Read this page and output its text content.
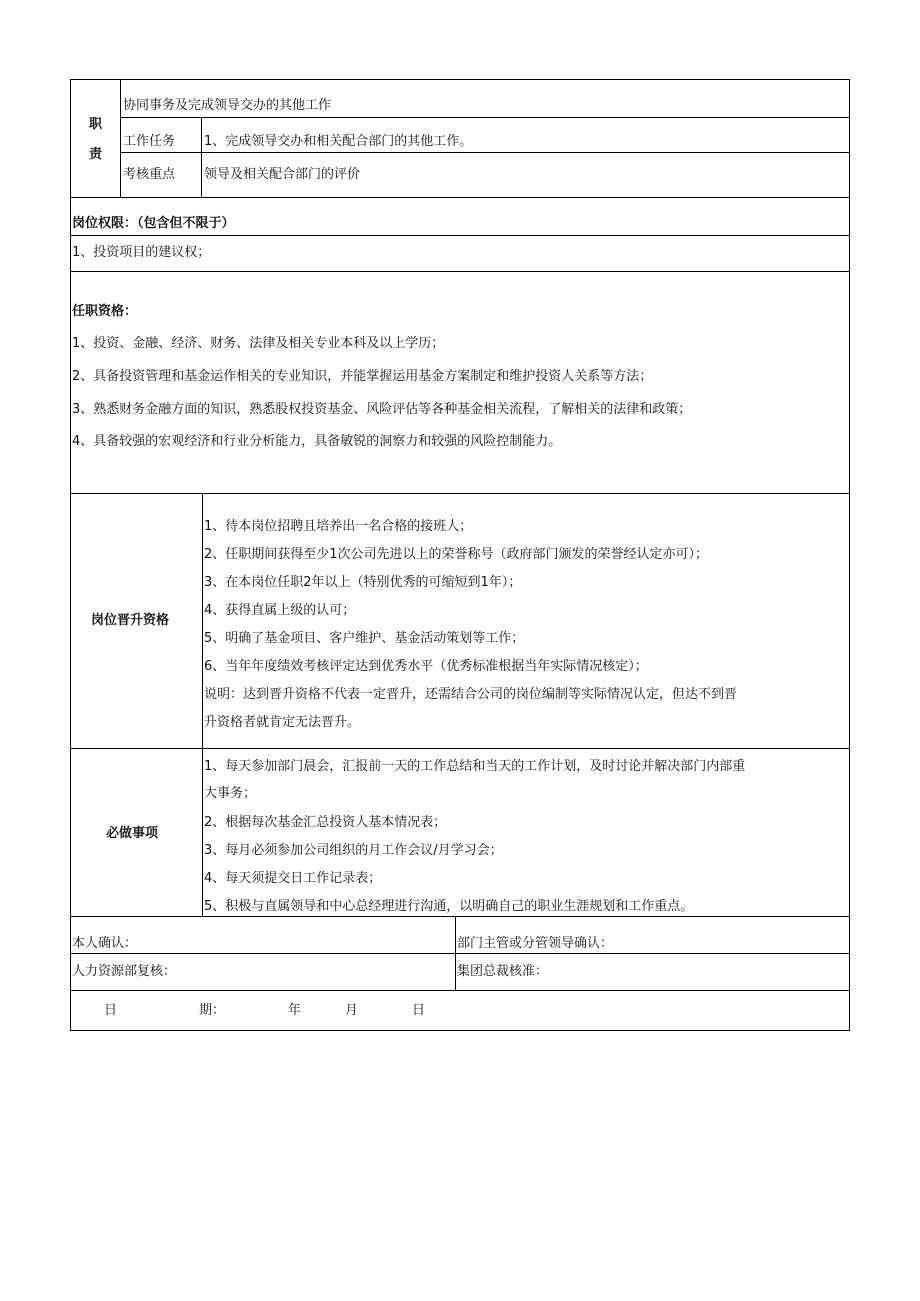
职
责
协同事务及完成领导交办的其他工作
工作任务 1、完成领导交办和相关配合部门的其他工作。
考核重点 领导及相关配合部门的评价
岗位权限：（包含但不限于）
1、投资项目的建议权；
任职资格：
1、投资、金融、经济、财务、法律及相关专业本科及以上学历；
2、具备投资管理和基金运作相关的专业知识，并能掌握运用基金方案制定和维护投资人关系等方法；
3、熟悉财务金融方面的知识，熟悉股权投资基金、风险评估等各种基金相关流程，了解相关的法律和政策；
4、具备较强的宏观经济和行业分析能力，具备敏锐的洞察力和较强的风险控制能力。
岗位晋升资格
1、待本岗位招聘且培养出一名合格的接班人；
2、任职期间获得至少1次公司先进以上的荣誉称号（政府部门颁发的荣誉经认定亦可）；
3、在本岗位任职2年以上（特别优秀的可缩短到1年）；
4、获得直属上级的认可；
5、明确了基金项目、客户维护、基金活动策划等工作；
6、当年年度绩效考核评定达到优秀水平（优秀标准根据当年实际情况核定）；
说明：达到晋升资格不代表一定晋升，还需结合公司的岗位编制等实际情况认定，但达不到晋
升资格者就肯定无法晋升。
必做事项
1、每天参加部门晨会，汇报前一天的工作总结和当天的工作计划，及时讨论并解决部门内部重
大事务；
2、根据每次基金汇总投资人基本情况表；
3、每月必须参加公司组织的月工作会议/月学习会；
4、每天须提交日工作记录表；
5、积极与直属领导和中心总经理进行沟通，以明确自己的职业生涯规划和工作重点。
本人确认：	部门主管或分管领导确认：
人力资源部复核：	集团总裁核准：
日	期：	年	月	日
